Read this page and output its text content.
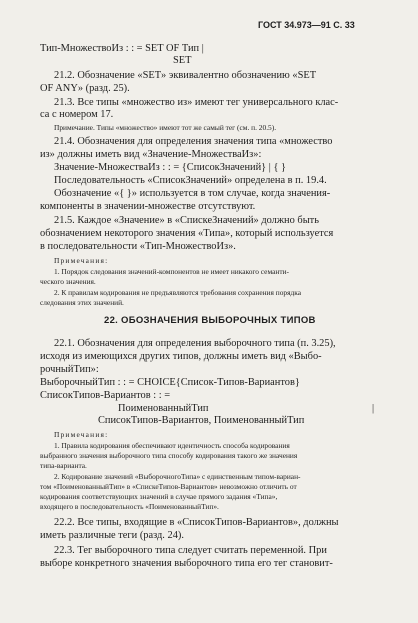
ГОСТ 34.973—91 С. 33
Тип-МножествоИз : : = SET OF Тип |
SET
21.2. Обозначение «SET» эквивалентно обозначению «SET
OF ANY» (разд. 25).
21.3. Все типы «множество из» имеют тег универсального клас-
са с номером 17.
Примечание. Типы «множество» имеют тот же самый тег (см. п. 20.5).
21.4. Обозначения для определения значения типа «множество
из» должны иметь вид «Значение-МножестваИз»:
Значение-МножестваИз : : = {СписокЗначений} | { }
Последовательность «СписокЗначений» определена в п. 19.4.
Обозначение «{ }» используется в том случае, когда значения-
компоненты в значении-множестве отсутствуют.
21.5. Каждое «Значение» в «СпискеЗначений» должно быть
обозначением некоторого значения «Типа», который используется
в последовательности «Тип-МножествоИз».
Примечания:
1. Порядок следования значений-компонентов не имеет никакого семанти-
ческого значения.
2. К правилам кодирования не предъявляются требования сохранения порядка
следования этих значений.
22. ОБОЗНАЧЕНИЯ ВЫБОРОЧНЫХ ТИПОВ
22.1. Обозначения для определения выборочного типа (п. 3.25),
исходя из имеющихся других типов, должны иметь вид «Выбо-
рочныйТип»:
ВыборочныйТип : : = CHOICE{Список-Типов-Вариантов}
СписокТипов-Вариантов : : =
ПоименованныйТип	|
СписокТипов-Вариантов, ПоименованныйТип
Примечания:
1. Правила кодирования обеспечивают идентичность способа кодирования
выбранного значения выборочного типа способу кодирования такого же значения
типа-варианта.
2. Кодирование значений «ВыборочногоТипа» с единственным типом-вариан-
том «ПоименованныйТип» в «СпискеТипов-Вариантов» невозможно отличить от
кодирования соответствующих значений в случае прямого задания «Типа»,
входящего в последовательность «ПоименованныйТип».
22.2. Все типы, входящие в «СписокТипов-Вариантов», должны
иметь различные теги (разд. 24).
22.3. Тег выборочного типа следует считать переменной. При
выборе конкретного значения выборочного типа его тег становит-
